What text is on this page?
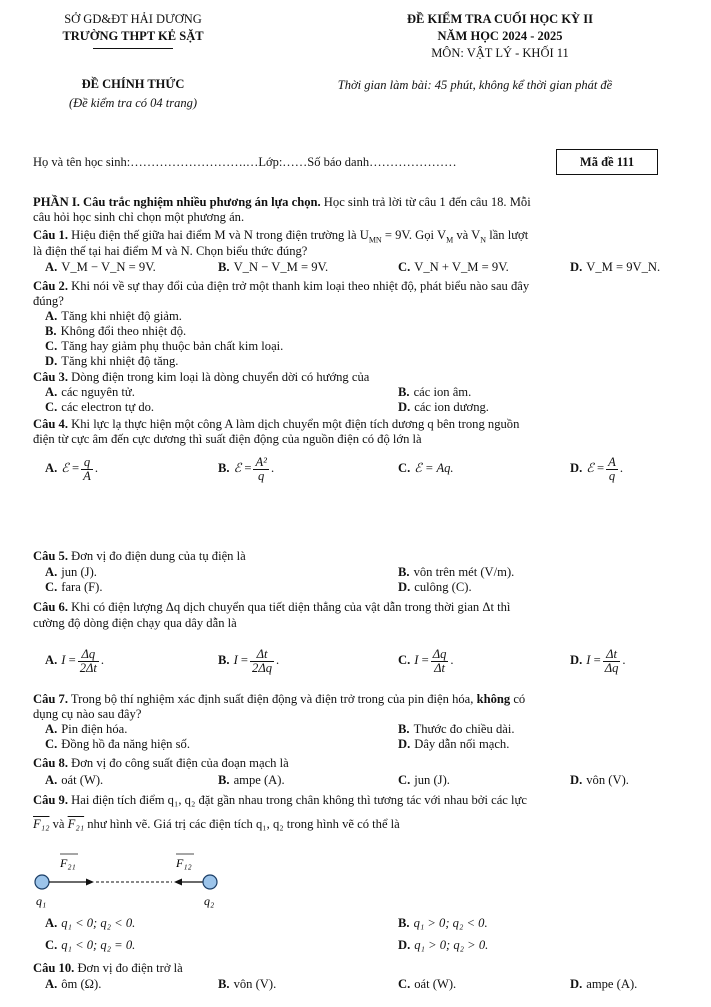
SỞ GD&ĐT HẢI DƯƠNG
TRƯỜNG THPT KẺ SẶT
ĐỀ CHÍNH THỨC
(Đề kiểm tra có 04 trang)
ĐỀ KIỂM TRA CUỐI HỌC KỲ II
NĂM HỌC 2024 - 2025
MÔN: VẬT LÝ - KHỐI 11
Thời gian làm bài: 45 phút, không kể thời gian phát đề
Họ và tên học sinh:……………………….…Lớp:……Số báo danh…………………	Mã đề 111
PHẦN I. Câu trắc nghiệm nhiều phương án lựa chọn. Học sinh trả lời từ câu 1 đến câu 18. Mỗi
câu hỏi học sinh chỉ chọn một phương án.
Câu 1. Hiệu điện thế giữa hai điểm M và N trong điện trường là $U_{MN} = 9V$. Gọi $V_M$ và $V_N$ lần lượt
là điện thế tại hai điểm M và N. Chọn biểu thức đúng?
A. V_M − V_N = 9V.	B. V_N − V_M = 9V.	C. V_N + V_M = 9V.	D. V_M = 9V_N.
Câu 2. Khi nói về sự thay đổi của điện trở một thanh kim loại theo nhiệt độ, phát biểu nào sau đây
đúng?
A. Tăng khi nhiệt độ giảm.
B. Không đổi theo nhiệt độ.
C. Tăng hay giảm phụ thuộc bản chất kim loại.
D. Tăng khi nhiệt độ tăng.
Câu 3. Dòng điện trong kim loại là dòng chuyển dời có hướng của
A. các nguyên tử.	B. các ion âm.
C. các electron tự do.	D. các ion dương.
Câu 4. Khi lực lạ thực hiện một công A làm dịch chuyển một điện tích dương q bên trong nguồn
điện từ cực âm đến cực dương thì suất điện động của nguồn điện có độ lớn là
A. ℰ = $\frac{q}{A}$ .	B. ℰ = $\frac{\text{A²}}{q}$ .	C. ℰ = Aq.	D. ℰ = $\frac{A}{q}$ .
Câu 5. Đơn vị đo điện dung của tụ điện là
A. jun (J).	B. vôn trên mét (V/m).
C. fara (F).	D. culông (C).
Câu 6. Khi có điện lượng Δq dịch chuyển qua tiết diện thẳng của vật dẫn trong thời gian Δt thì
cường độ dòng điện chạy qua dây dẫn là
A. $I = \frac{\Delta q}{2\Delta t}$ .	B. $I = \frac{\Delta t}{2\Delta q}$ .	C. $I = \frac{\Delta q}{\Delta t}$ .	D. $I = \frac{\Delta t}{\Delta q}$ .
Câu 7. Trong bộ thí nghiệm xác định suất điện động và điện trở trong của pin điện hóa, không có
dụng cụ nào sau đây?
A. Pin điện hóa.	B. Thước đo chiều dài.
C. Đồng hồ đa năng hiện số.	D. Dây dẫn nối mạch.
Câu 8. Đơn vị đo công suất điện của đoạn mạch là
A. oát (W).	B. ampe (A).	C. jun (J).	D. vôn (V).
Câu 9. Hai điện tích điểm q₁, q₂ đặt gần nhau trong chân không thì tương tác với nhau bởi các lực
F₁₂ và F₂₁ như hình vẽ. Giá trị các điện tích q₁, q₂ trong hình vẽ có thể là
F₂₁	F₁₂
q₁	q₂
A. q₁ < 0; q₂ < 0.	B. q₁ > 0; q₂ < 0.
C. q₁ < 0; q₂ = 0.	D. q₁ > 0; q₂ > 0.
Câu 10. Đơn vị đo điện trở là
A. ôm (Ω).	B. vôn (V).	C. oát (W).	D. ampe (A).
